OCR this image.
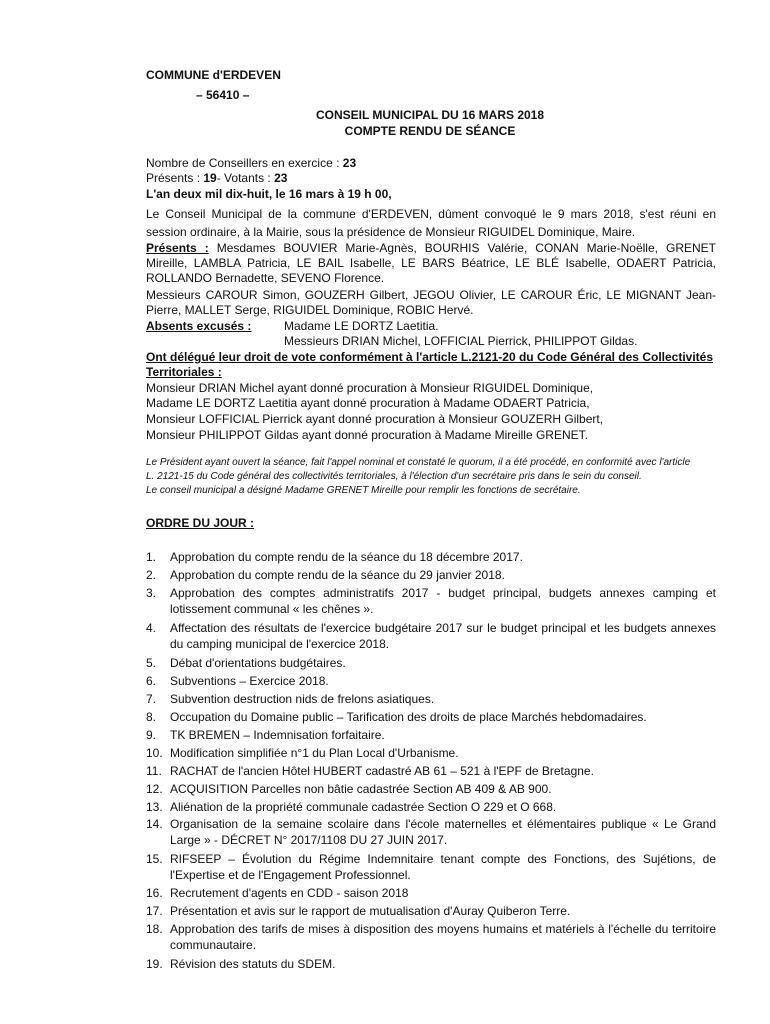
COMMUNE d'ERDEVEN
– 56410 –
CONSEIL MUNICIPAL DU 16 MARS 2018
COMPTE RENDU DE SÉANCE
Nombre de Conseillers en exercice : 23
Présents : 19- Votants : 23
L'an deux mil dix-huit, le 16 mars à 19 h 00,
Le Conseil Municipal de la commune d'ERDEVEN, dûment convoqué le 9 mars 2018, s'est réuni en session ordinaire, à la Mairie, sous la présidence de Monsieur RIGUIDEL Dominique, Maire.
Présents : Mesdames BOUVIER Marie-Agnès, BOURHIS Valérie, CONAN Marie-Noëlle, GRENET Mireille, LAMBLA Patricia, LE BAIL Isabelle, LE BARS Béatrice, LE BLÉ Isabelle, ODAERT Patricia, ROLLANDO Bernadette, SEVENO Florence.
Messieurs CAROUR Simon, GOUZERH Gilbert, JEGOU Olivier, LE CAROUR Éric, LE MIGNANT Jean-Pierre, MALLET Serge, RIGUIDEL Dominique, ROBIC Hervé.
Absents excusés :	Madame LE DORTZ Laetitia.
Messieurs DRIAN Michel, LOFFICIAL Pierrick, PHILIPPOT Gildas.
Ont délégué leur droit de vote conformément à l'article L.2121-20 du Code Général des Collectivités
Territoriales :
Monsieur DRIAN Michel ayant donné procuration à Monsieur RIGUIDEL Dominique,
Madame LE DORTZ Laetitia ayant donné procuration à Madame ODAERT Patricia,
Monsieur LOFFICIAL Pierrick ayant donné procuration à Monsieur GOUZERH Gilbert,
Monsieur PHILIPPOT Gildas ayant donné procuration à Madame Mireille GRENET.
Le Président ayant ouvert la séance, fait l'appel nominal et constaté le quorum, il a été procédé, en conformité avec l'article
L. 2121-15 du Code général des collectivités territoriales, à l'élection d'un secrétaire pris dans le sein du conseil.
Le conseil municipal a désigné Madame GRENET Mireille pour remplir les fonctions de secrétaire.
ORDRE DU JOUR :
1.	Approbation du compte rendu de la séance du 18 décembre 2017.
2.	Approbation du compte rendu de la séance du 29 janvier 2018.
3.	Approbation des comptes administratifs 2017 - budget principal, budgets annexes camping et lotissement communal « les chênes ».
4.	Affectation des résultats de l'exercice budgétaire 2017 sur le budget principal et les budgets annexes du camping municipal de l'exercice 2018.
5.	Débat d'orientations budgétaires.
6.	Subventions – Exercice 2018.
7.	Subvention destruction nids de frelons asiatiques.
8.	Occupation du Domaine public – Tarification des droits de place Marchés hebdomadaires.
9.	TK BREMEN – Indemnisation forfaitaire.
10. Modification simplifiée n°1 du Plan Local d'Urbanisme.
11. RACHAT de l'ancien Hôtel HUBERT cadastré AB 61 – 521 à l'EPF de Bretagne.
12. ACQUISITION Parcelles non bâtie cadastrée Section AB 409 & AB 900.
13. Aliénation de la propriété communale cadastrée Section O 229 et O 668.
14. Organisation de la semaine scolaire dans l'école maternelles et élémentaires publique « Le Grand Large » - DÉCRET N° 2017/1108 DU 27 JUIN 2017.
15. RIFSEEP – Évolution du Régime Indemnitaire tenant compte des Fonctions, des Sujétions, de l'Expertise et de l'Engagement Professionnel.
16. Recrutement d'agents en CDD - saison 2018
17. Présentation et avis sur le rapport de mutualisation d'Auray Quiberon Terre.
18. Approbation des tarifs de mises à disposition des moyens humains et matériels à l'échelle du territoire communautaire.
19. Révision des statuts du SDEM.
